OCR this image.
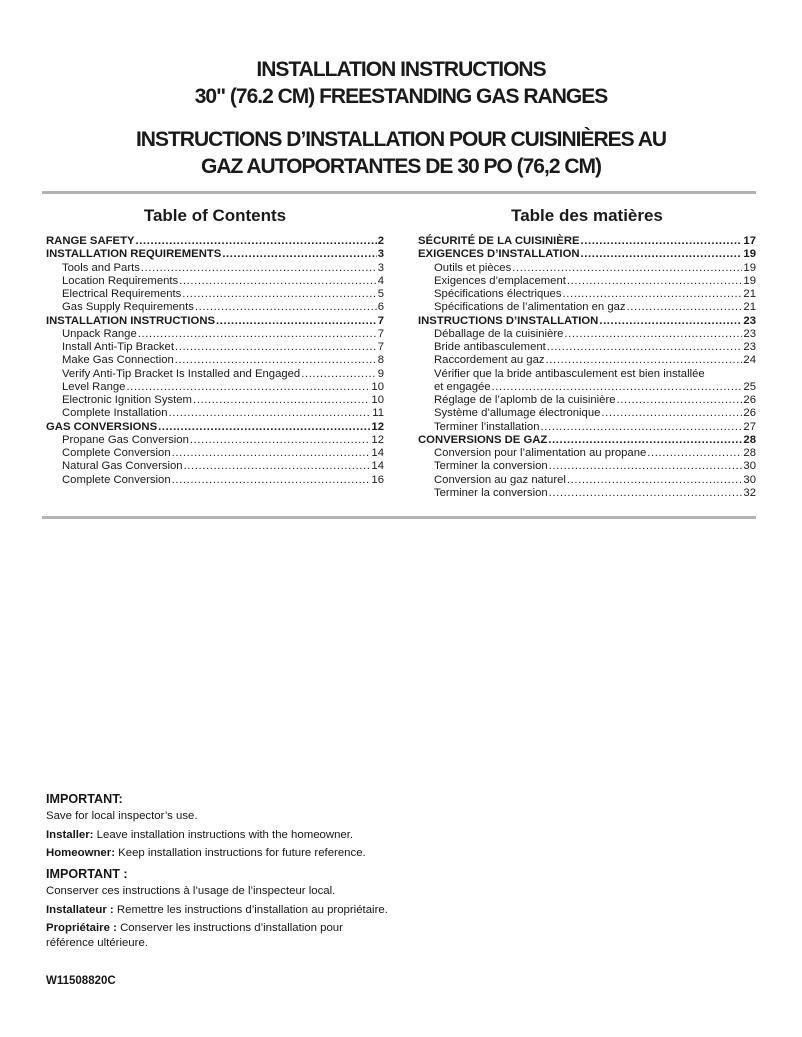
INSTALLATION INSTRUCTIONS
30" (76.2 CM) FREESTANDING GAS RANGES
INSTRUCTIONS D’INSTALLATION POUR CUISINIÈRES AU
GAZ AUTOPORTANTES DE 30 PO (76,2 CM)
Table of Contents
RANGE SAFETY .....	2
INSTALLATION REQUIREMENTS .....	3
Tools and Parts .....	3
Location Requirements .....	4
Electrical Requirements .....	5
Gas Supply Requirements .....	6
INSTALLATION INSTRUCTIONS .....	7
Unpack Range .....	7
Install Anti-Tip Bracket .....	7
Make Gas Connection .....	8
Verify Anti-Tip Bracket Is Installed and Engaged .....	9
Level Range .....	10
Electronic Ignition System .....	10
Complete Installation .....	11
GAS CONVERSIONS .....	12
Propane Gas Conversion .....	12
Complete Conversion .....	14
Natural Gas Conversion .....	14
Complete Conversion .....	16
Table des matières
SÉCURITÉ DE LA CUISINIÈRE .....	17
EXIGENCES D’INSTALLATION .....	19
Outils et pièces .....	19
Exigences d’emplacement .....	19
Spécifications électriques .....	21
Spécifications de l’alimentation en gaz .....	21
INSTRUCTIONS D’INSTALLATION .....	23
Déballage de la cuisinière .....	23
Bride antibasculement .....	23
Raccordement au gaz .....	24
Vérifier que la bride antibasculement est bien installée
et engagée .....	25
Réglage de l’aplomb de la cuisinière .....	26
Système d’allumage électronique .....	26
Terminer l’installation .....	27
CONVERSIONS DE GAZ .....	28
Conversion pour l’alimentation au propane .....	28
Terminer la conversion .....	30
Conversion au gaz naturel .....	30
Terminer la conversion .....	32

IMPORTANT:

Save for local inspector’s use.

Installer: Leave installation instructions with the homeowner.

Homeowner: Keep installation instructions for future reference.

IMPORTANT :

Conserver ces instructions à l’usage de l’inspecteur local.

Installateur : Remettre les instructions d’installation au propriétaire.

Propriétaire : Conserver les instructions d’installation pour
référence ultérieure.

W11508820C
